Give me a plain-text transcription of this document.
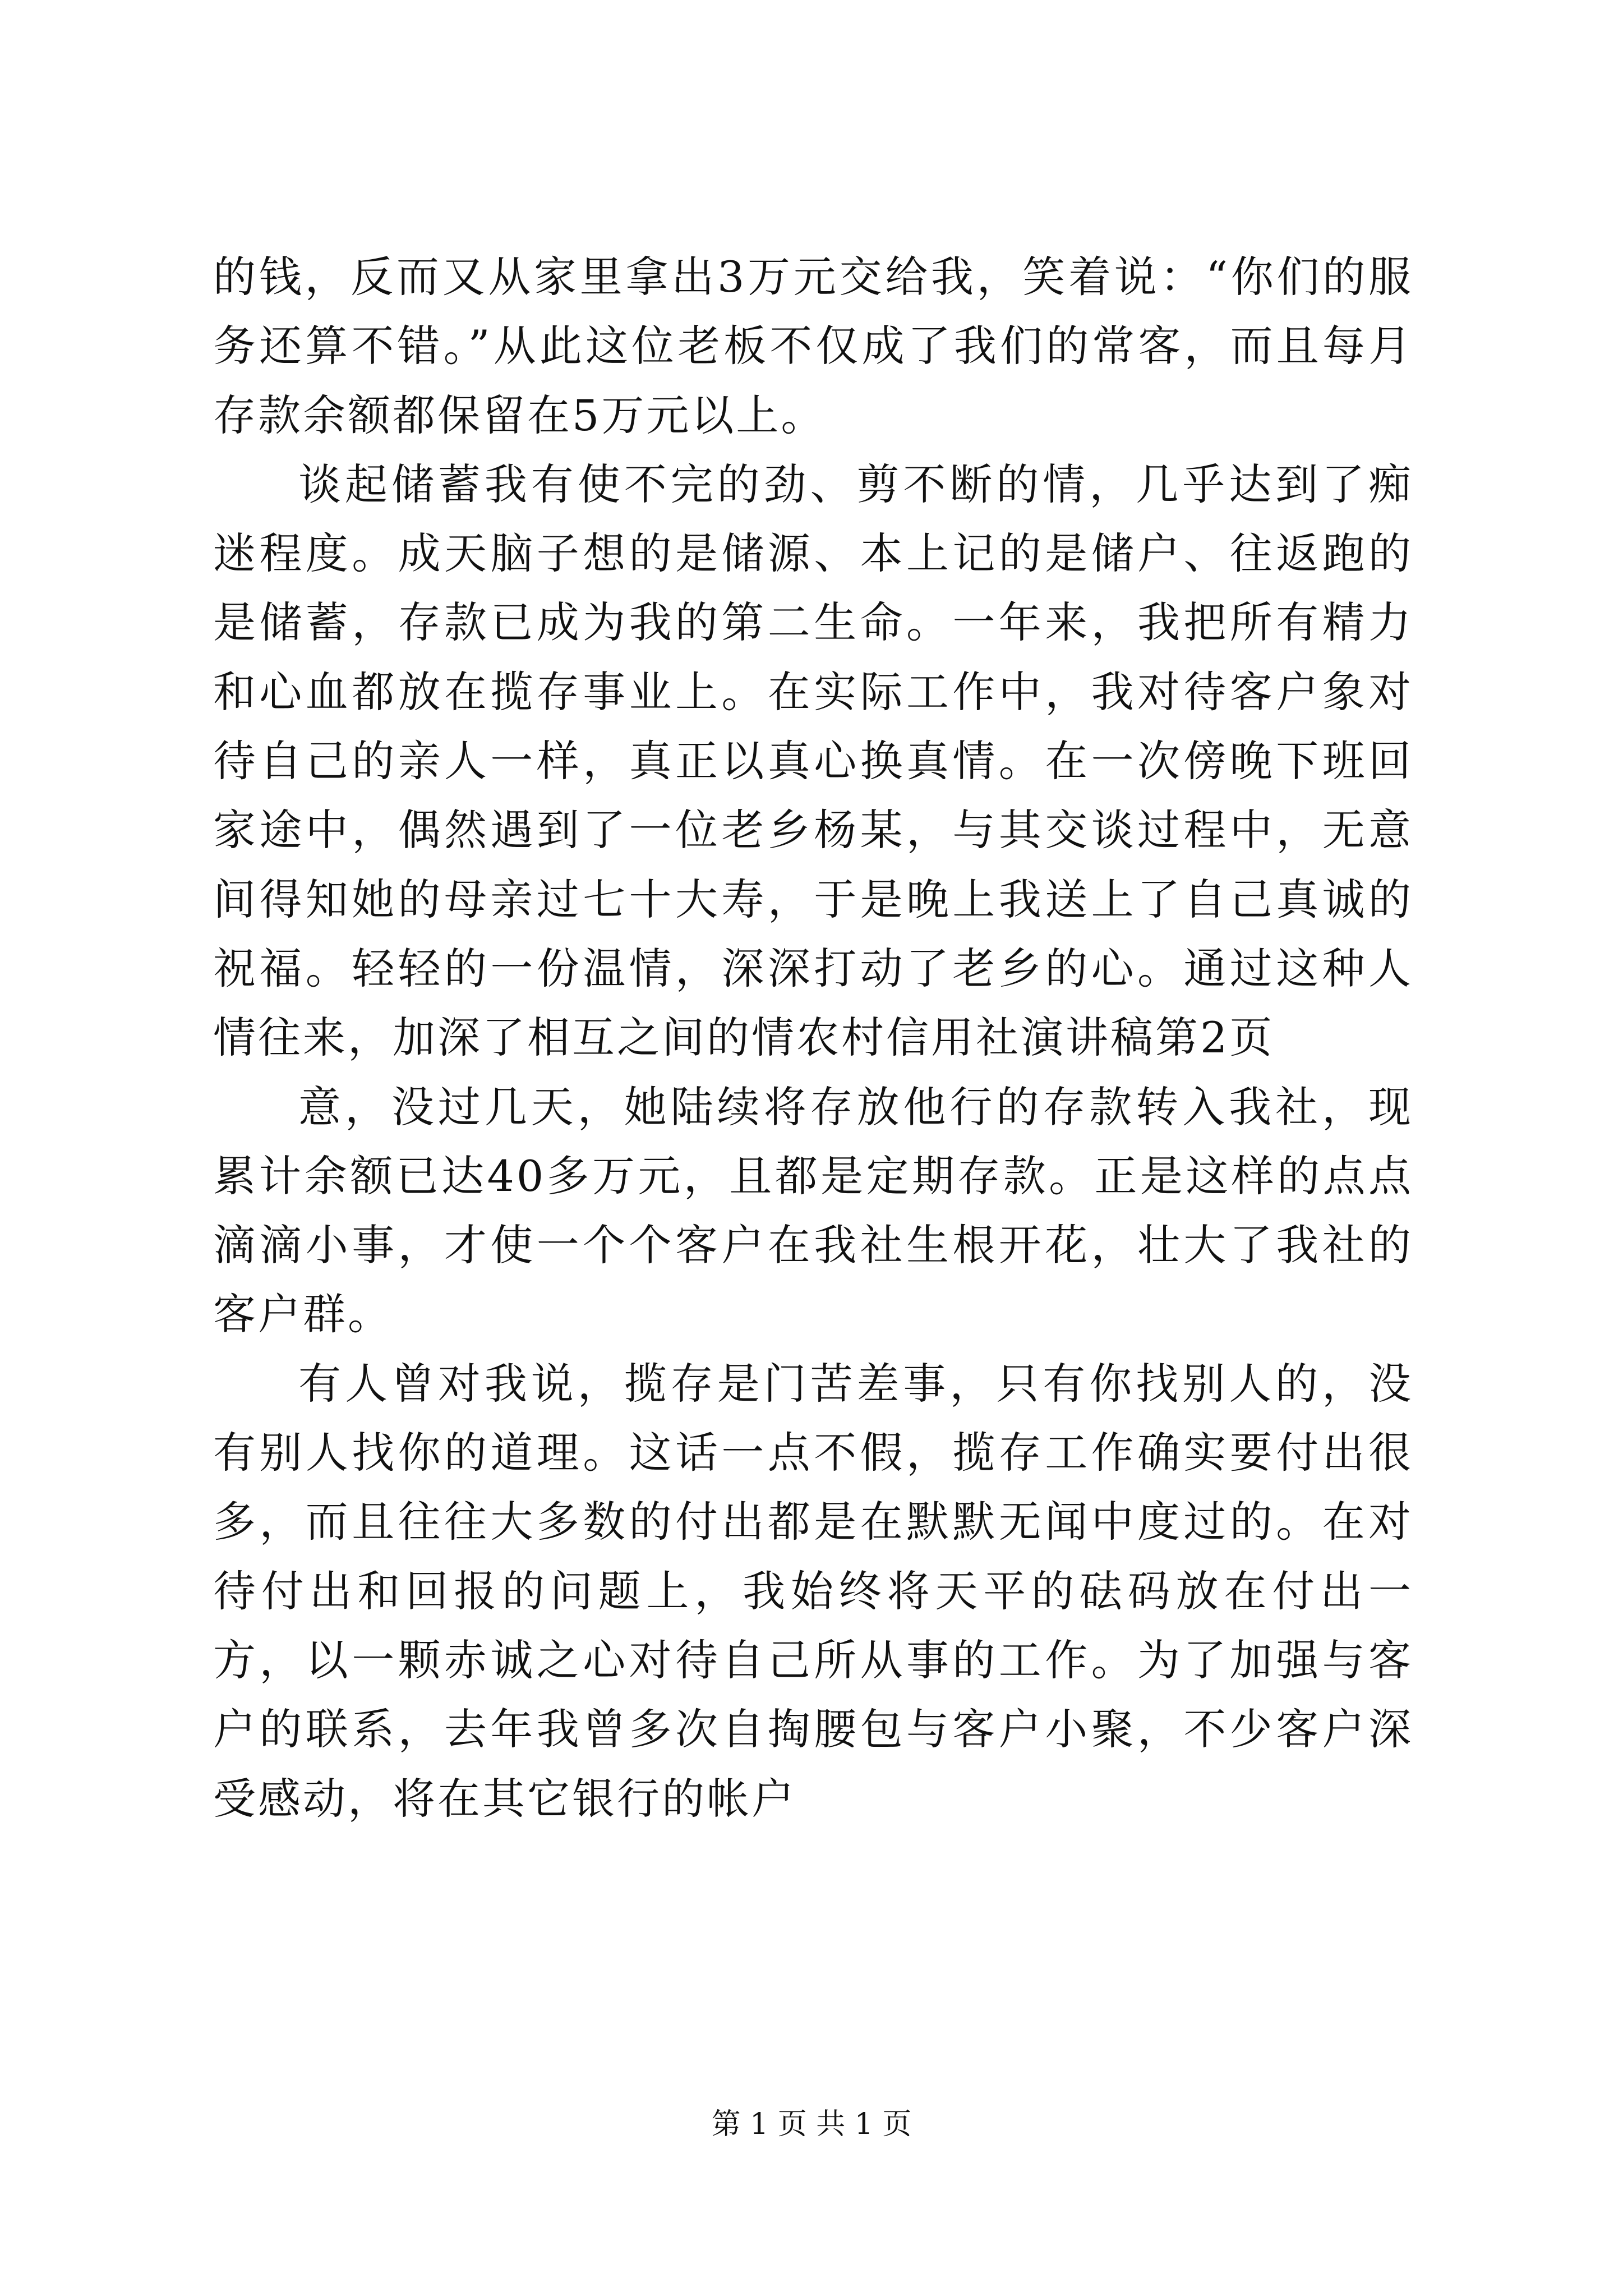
的钱，反而又从家里拿出3万元交给我，笑着说：“你们的服务还算不错。”从此这位老板不仅成了我们的常客，而且每月存款余额都保留在5万元以上。

谈起储蓄我有使不完的劲、剪不断的情，几乎达到了痴迷程度。成天脑子想的是储源、本上记的是储户、往返跑的是储蓄，存款已成为我的第二生命。一年来，我把所有精力和心血都放在揽存事业上。在实际工作中，我对待客户象对待自己的亲人一样，真正以真心换真情。在一次傍晚下班回家途中，偶然遇到了一位老乡杨某，与其交谈过程中，无意间得知她的母亲过七十大寿，于是晚上我送上了自己真诚的祝福。轻轻的一份温情，深深打动了老乡的心。通过这种人情往来，加深了相互之间的情农村信用社演讲稿第2页

意，没过几天，她陆续将存放他行的存款转入我社，现累计余额已达40多万元，且都是定期存款。正是这样的点点滴滴小事，才使一个个客户在我社生根开花，壮大了我社的客户群。

有人曾对我说，揽存是门苦差事，只有你找别人的，没有别人找你的道理。这话一点不假，揽存工作确实要付出很多，而且往往大多数的付出都是在默默无闻中度过的。在对待付出和回报的问题上，我始终将天平的砝码放在付出一方，以一颗赤诚之心对待自己所从事的工作。为了加强与客户的联系，去年我曾多次自掏腰包与客户小聚，不少客户深受感动，将在其它银行的帐户

第 1 页 共 1 页
